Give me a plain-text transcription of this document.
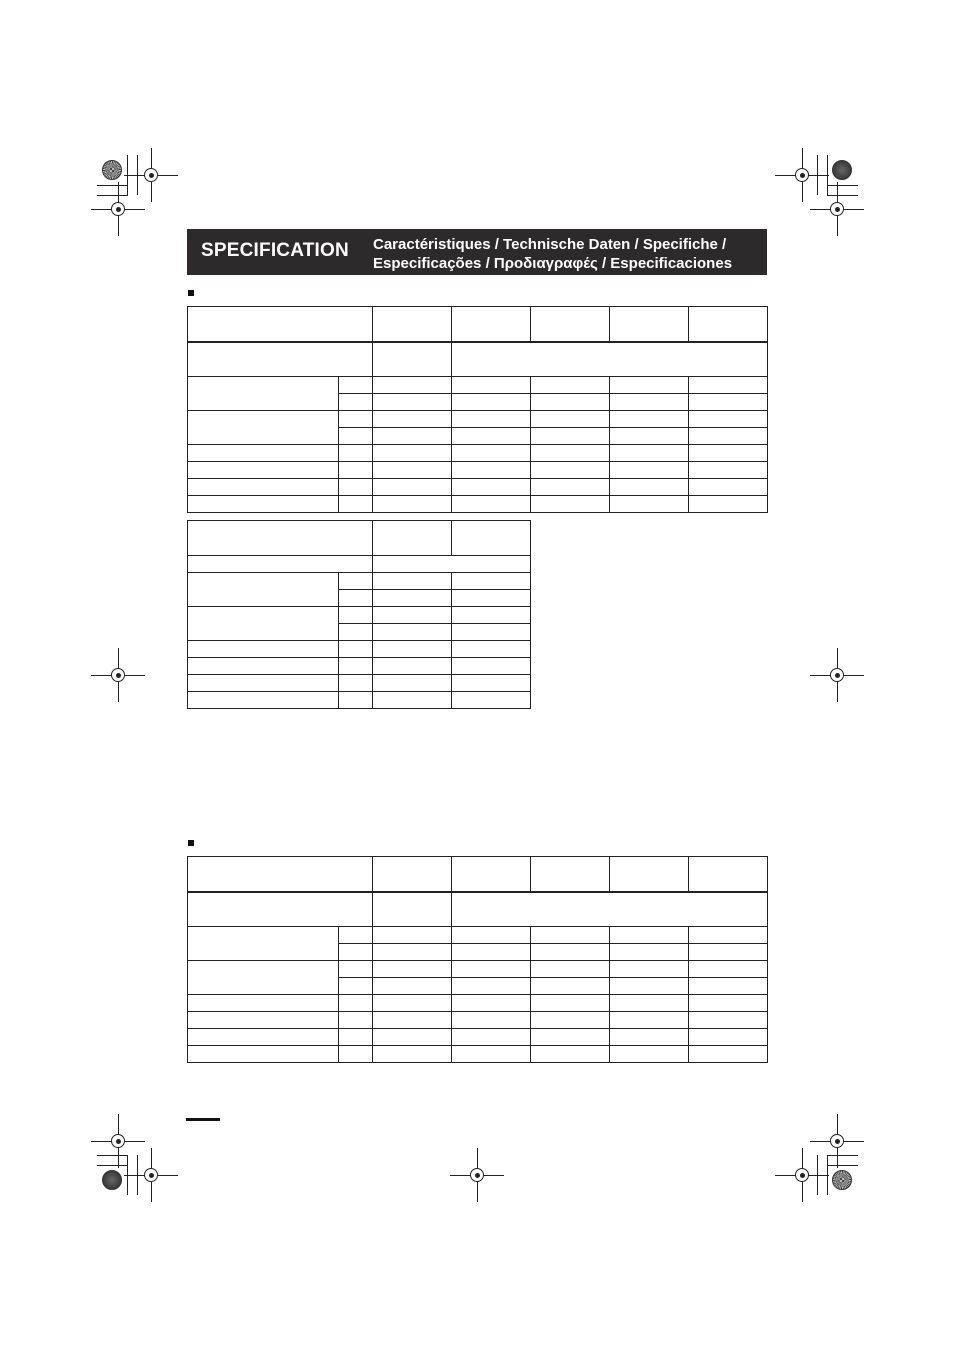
SPECIFICATION Caractéristiques / Technische Daten / Specifiche /
Especificações / Προδιαγραφές / Especificaciones
